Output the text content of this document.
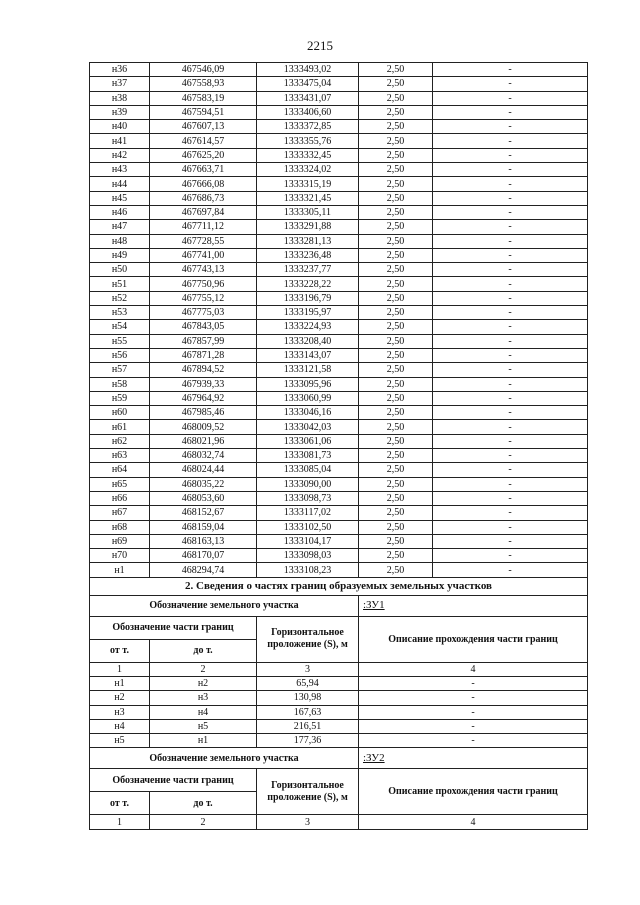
2215
н36	467546,09	1333493,02	2,50	-
н37	467558,93	1333475,04	2,50	-
н38	467583,19	1333431,07	2,50	-
н39	467594,51	1333406,60	2,50	-
н40	467607,13	1333372,85	2,50	-
н41	467614,57	1333355,76	2,50	-
н42	467625,20	1333332,45	2,50	-
н43	467663,71	1333324,02	2,50	-
н44	467666,08	1333315,19	2,50	-
н45	467686,73	1333321,45	2,50	-
н46	467697,84	1333305,11	2,50	-
н47	467711,12	1333291,88	2,50	-
н48	467728,55	1333281,13	2,50	-
н49	467741,00	1333236,48	2,50	-
н50	467743,13	1333237,77	2,50	-
н51	467750,96	1333228,22	2,50	-
н52	467755,12	1333196,79	2,50	-
н53	467775,03	1333195,97	2,50	-
н54	467843,05	1333224,93	2,50	-
н55	467857,99	1333208,40	2,50	-
н56	467871,28	1333143,07	2,50	-
н57	467894,52	1333121,58	2,50	-
н58	467939,33	1333095,96	2,50	-
н59	467964,92	1333060,99	2,50	-
н60	467985,46	1333046,16	2,50	-
н61	468009,52	1333042,03	2,50	-
н62	468021,96	1333061,06	2,50	-
н63	468032,74	1333081,73	2,50	-
н64	468024,44	1333085,04	2,50	-
н65	468035,22	1333090,00	2,50	-
н66	468053,60	1333098,73	2,50	-
н67	468152,67	1333117,02	2,50	-
н68	468159,04	1333102,50	2,50	-
н69	468163,13	1333104,17	2,50	-
н70	468170,07	1333098,03	2,50	-
н1	468294,74	1333108,23	2,50	-
2. Сведения о частях границ образуемых земельных участков				
Обозначение земельного участка			:ЗУ1	
Обозначение части границ		Горизонтальное проложение (S), м	Описание прохождения части границ	
от т.	до т.			
1	2	3	4	
н1	н2	65,94	-	
н2	н3	130,98	-	
н3	н4	167,63	-	
н4	н5	216,51	-	
н5	н1	177,36	-	
Обозначение земельного участка			:ЗУ2	
Обозначение части границ		Горизонтальное проложение (S), м	Описание прохождения части границ	
от т.	до т.			
1	2	3	4	
